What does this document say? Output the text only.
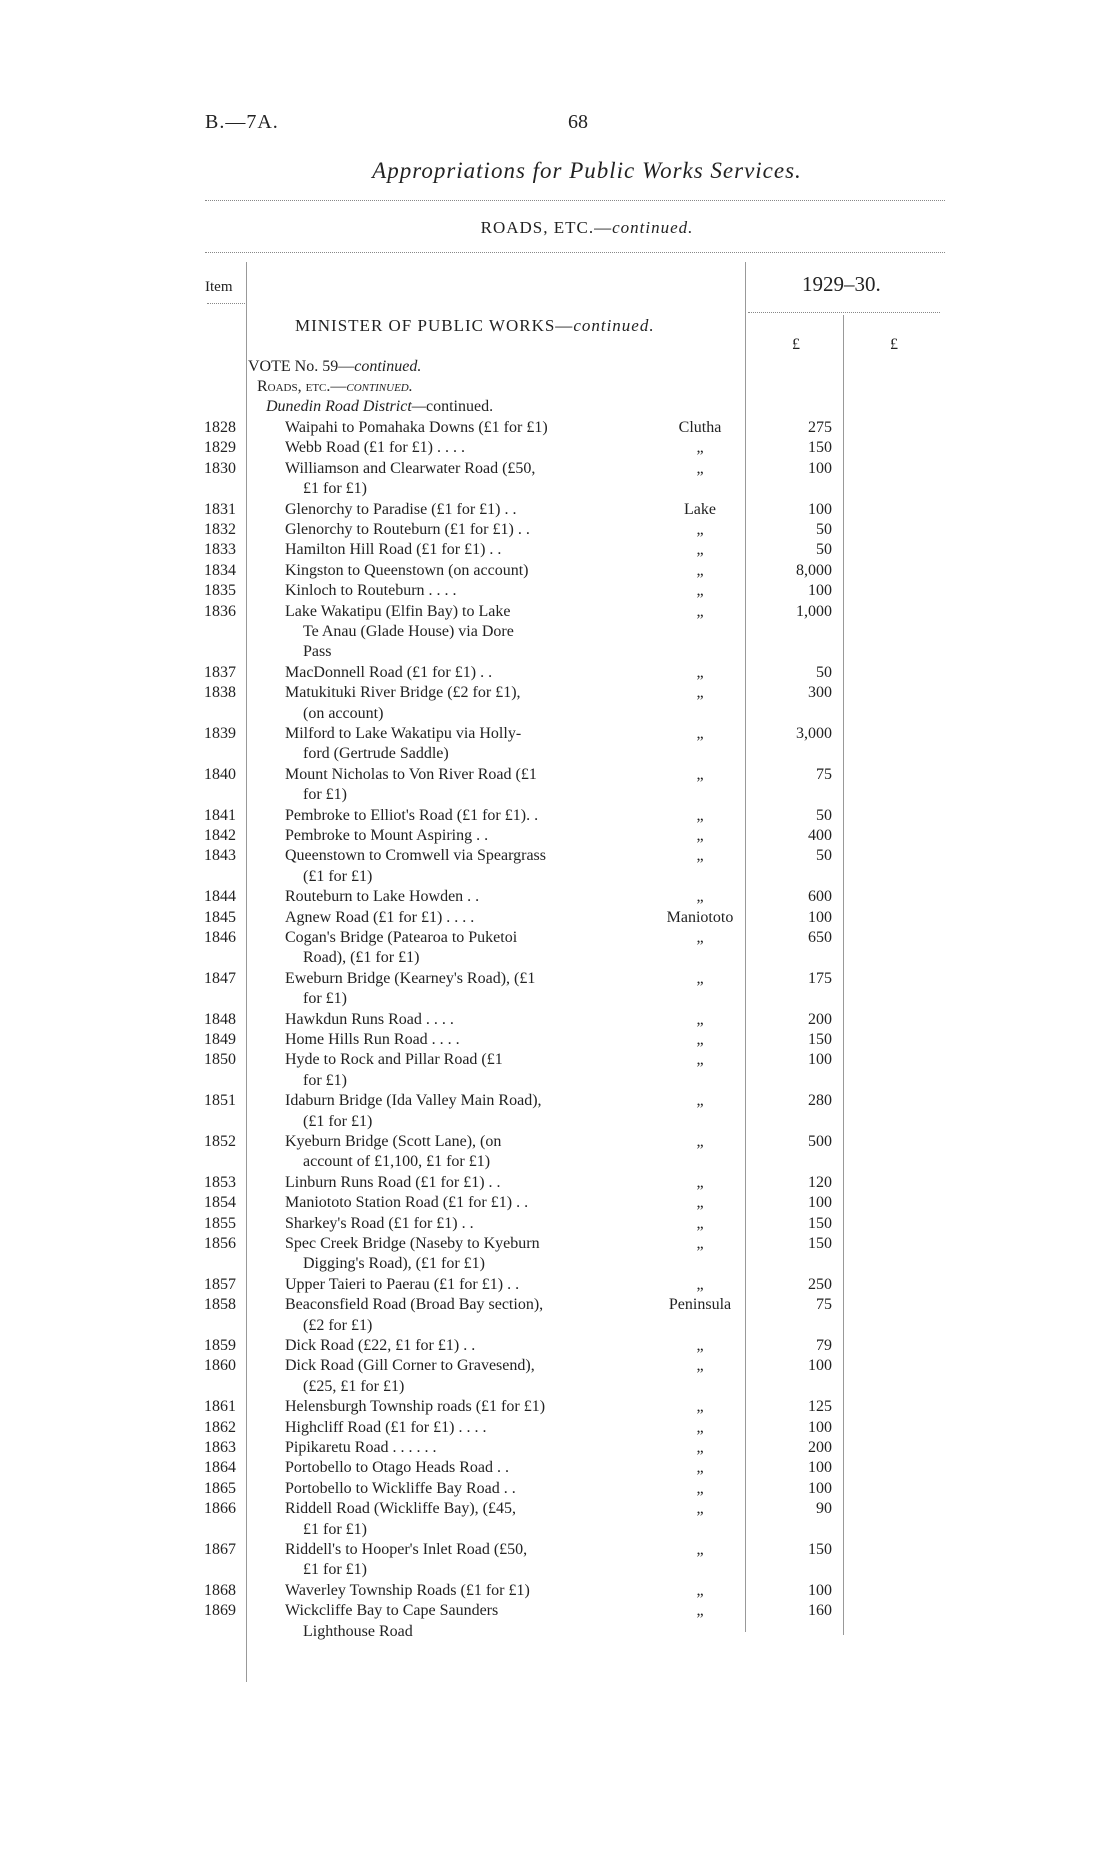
B.—7A.	68
Appropriations for Public Works Services.
ROADS, ETC.—continued.
Item	1929–30.
£	£
MINISTER OF PUBLIC WORKS—continued.
VOTE No. 59—continued.
Roads, etc.—continued.
Dunedin Road District—continued.
1828	Waipahi to Pomahaka Downs (£1 for £1)	Clutha	275
1829	Webb Road (£1 for £1) . . . .	„	150
1830	Williamson and Clearwater Road (£50,	„	100
£1 for £1)
1831	Glenorchy to Paradise (£1 for £1) . .	Lake	100
1832	Glenorchy to Routeburn (£1 for £1) . .	„	50
1833	Hamilton Hill Road (£1 for £1) . .	„	50
1834	Kingston to Queenstown (on account)	„	8,000
1835	Kinloch to Routeburn . . . .	„	100
1836	Lake Wakatipu (Elfin Bay) to Lake	„	1,000
Te Anau (Glade House) via Dore
Pass
1837	MacDonnell Road (£1 for £1) . .	„	50
1838	Matukituki River Bridge (£2 for £1),	„	300
(on account)
1839	Milford to Lake Wakatipu via Holly-	„	3,000
ford (Gertrude Saddle)
1840	Mount Nicholas to Von River Road (£1	„	75
for £1)
1841	Pembroke to Elliot's Road (£1 for £1). .	„	50
1842	Pembroke to Mount Aspiring . .	„	400
1843	Queenstown to Cromwell via Speargrass	„	50
(£1 for £1)
1844	Routeburn to Lake Howden . .	„	600
1845	Agnew Road (£1 for £1) . . . .	Maniototo	100
1846	Cogan's Bridge (Patearoa to Puketoi	„	650
Road), (£1 for £1)
1847	Eweburn Bridge (Kearney's Road), (£1	„	175
for £1)
1848	Hawkdun Runs Road . . . .	„	200
1849	Home Hills Run Road . . . .	„	150
1850	Hyde to Rock and Pillar Road (£1	„	100
for £1)
1851	Idaburn Bridge (Ida Valley Main Road),	„	280
(£1 for £1)
1852	Kyeburn Bridge (Scott Lane), (on	„	500
account of £1,100, £1 for £1)
1853	Linburn Runs Road (£1 for £1) . .	„	120
1854	Maniototo Station Road (£1 for £1) . .	„	100
1855	Sharkey's Road (£1 for £1) . .	„	150
1856	Spec Creek Bridge (Naseby to Kyeburn	„	150
Digging's Road), (£1 for £1)
1857	Upper Taieri to Paerau (£1 for £1) . .	„	250
1858	Beaconsfield Road (Broad Bay section),	Peninsula	75
(£2 for £1)
1859	Dick Road (£22, £1 for £1) . .	„	79
1860	Dick Road (Gill Corner to Gravesend),	„	100
(£25, £1 for £1)
1861	Helensburgh Township roads (£1 for £1)	„	125
1862	Highcliff Road (£1 for £1) . . . .	„	100
1863	Pipikaretu Road . . . . . .	„	200
1864	Portobello to Otago Heads Road . .	„	100
1865	Portobello to Wickliffe Bay Road . .	„	100
1866	Riddell Road (Wickliffe Bay), (£45,	„	90
£1 for £1)
1867	Riddell's to Hooper's Inlet Road (£50,	„	150
£1 for £1)
1868	Waverley Township Roads (£1 for £1)	„	100
1869	Wickcliffe Bay to Cape Saunders	„	160
Lighthouse Road
